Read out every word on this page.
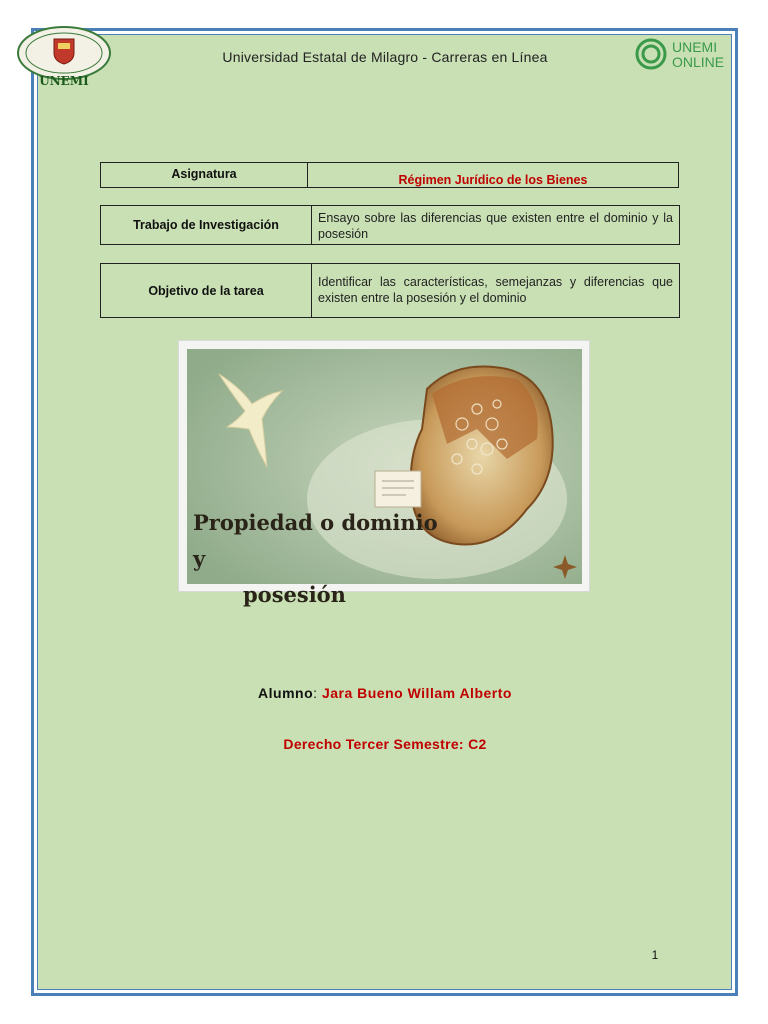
UNEMI
Universidad Estatal de Milagro - Carreras en Línea
UNEMI
ONLINE
Asignatura	Régimen Jurídico de los Bienes
Trabajo de Investigación	Ensayo sobre las diferencias que existen entre el dominio y la posesión
Objetivo de la tarea
Identificar las características, semejanzas y diferencias que existen entre la posesión y el dominio
Propiedad o dominio y
posesión
Alumno: Jara Bueno Willam Alberto
Derecho Tercer Semestre: C2
1
